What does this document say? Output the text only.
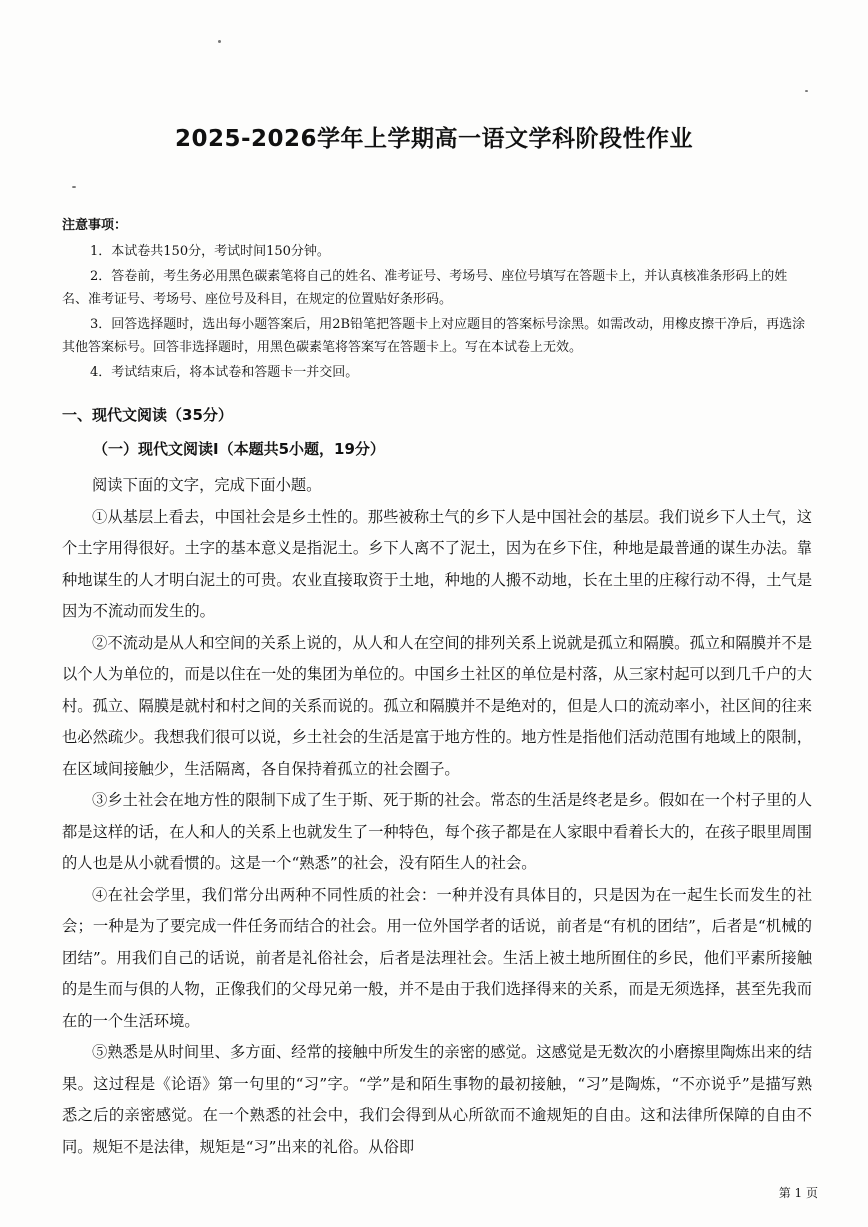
2025-2026学年上学期高一语文学科阶段性作业
注意事项：
1．本试卷共150分，考试时间150分钟。
2．答卷前，考生务必用黑色碳素笔将自己的姓名、准考证号、考场号、座位号填写在答题卡上，并认真核准条形码上的姓名、准考证号、考场号、座位号及科目，在规定的位置贴好条形码。
3．回答选择题时，选出每小题答案后，用2B铅笔把答题卡上对应题目的答案标号涂黑。如需改动，用橡皮擦干净后，再选涂其他答案标号。回答非选择题时，用黑色碳素笔将答案写在答题卡上。写在本试卷上无效。
4．考试结束后，将本试卷和答题卡一并交回。
一、现代文阅读（35分）
（一）现代文阅读Ⅰ（本题共5小题，19分）

阅读下面的文字，完成下面小题。

①从基层上看去，中国社会是乡土性的。那些被称土气的乡下人是中国社会的基层。我们说乡下人土气，这个土字用得很好。土字的基本意义是指泥土。乡下人离不了泥土，因为在乡下住，种地是最普通的谋生办法。靠种地谋生的人才明白泥土的可贵。农业直接取资于土地，种地的人搬不动地，长在土里的庄稼行动不得，土气是因为不流动而发生的。

②不流动是从人和空间的关系上说的，从人和人在空间的排列关系上说就是孤立和隔膜。孤立和隔膜并不是以个人为单位的，而是以住在一处的集团为单位的。中国乡土社区的单位是村落，从三家村起可以到几千户的大村。孤立、隔膜是就村和村之间的关系而说的。孤立和隔膜并不是绝对的，但是人口的流动率小，社区间的往来也必然疏少。我想我们很可以说，乡土社会的生活是富于地方性的。地方性是指他们活动范围有地域上的限制，在区域间接触少，生活隔离，各自保持着孤立的社会圈子。

③乡土社会在地方性的限制下成了生于斯、死于斯的社会。常态的生活是终老是乡。假如在一个村子里的人都是这样的话，在人和人的关系上也就发生了一种特色，每个孩子都是在人家眼中看着长大的，在孩子眼里周围的人也是从小就看惯的。这是一个“熟悉”的社会，没有陌生人的社会。

④在社会学里，我们常分出两种不同性质的社会：一种并没有具体目的，只是因为在一起生长而发生的社会；一种是为了要完成一件任务而结合的社会。用一位外国学者的话说，前者是“有机的团结”，后者是“机械的团结”。用我们自己的话说，前者是礼俗社会，后者是法理社会。生活上被土地所囿住的乡民，他们平素所接触的是生而与俱的人物，正像我们的父母兄弟一般，并不是由于我们选择得来的关系，而是无须选择，甚至先我而在的一个生活环境。

⑤熟悉是从时间里、多方面、经常的接触中所发生的亲密的感觉。这感觉是无数次的小磨擦里陶炼出来的结果。这过程是《论语》第一句里的“习”字。“学”是和陌生事物的最初接触，“习”是陶炼，“不亦说乎”是描写熟悉之后的亲密感觉。在一个熟悉的社会中，我们会得到从心所欲而不逾规矩的自由。这和法律所保障的自由不同。规矩不是法律，规矩是“习”出来的礼俗。从俗即

第 1 页
